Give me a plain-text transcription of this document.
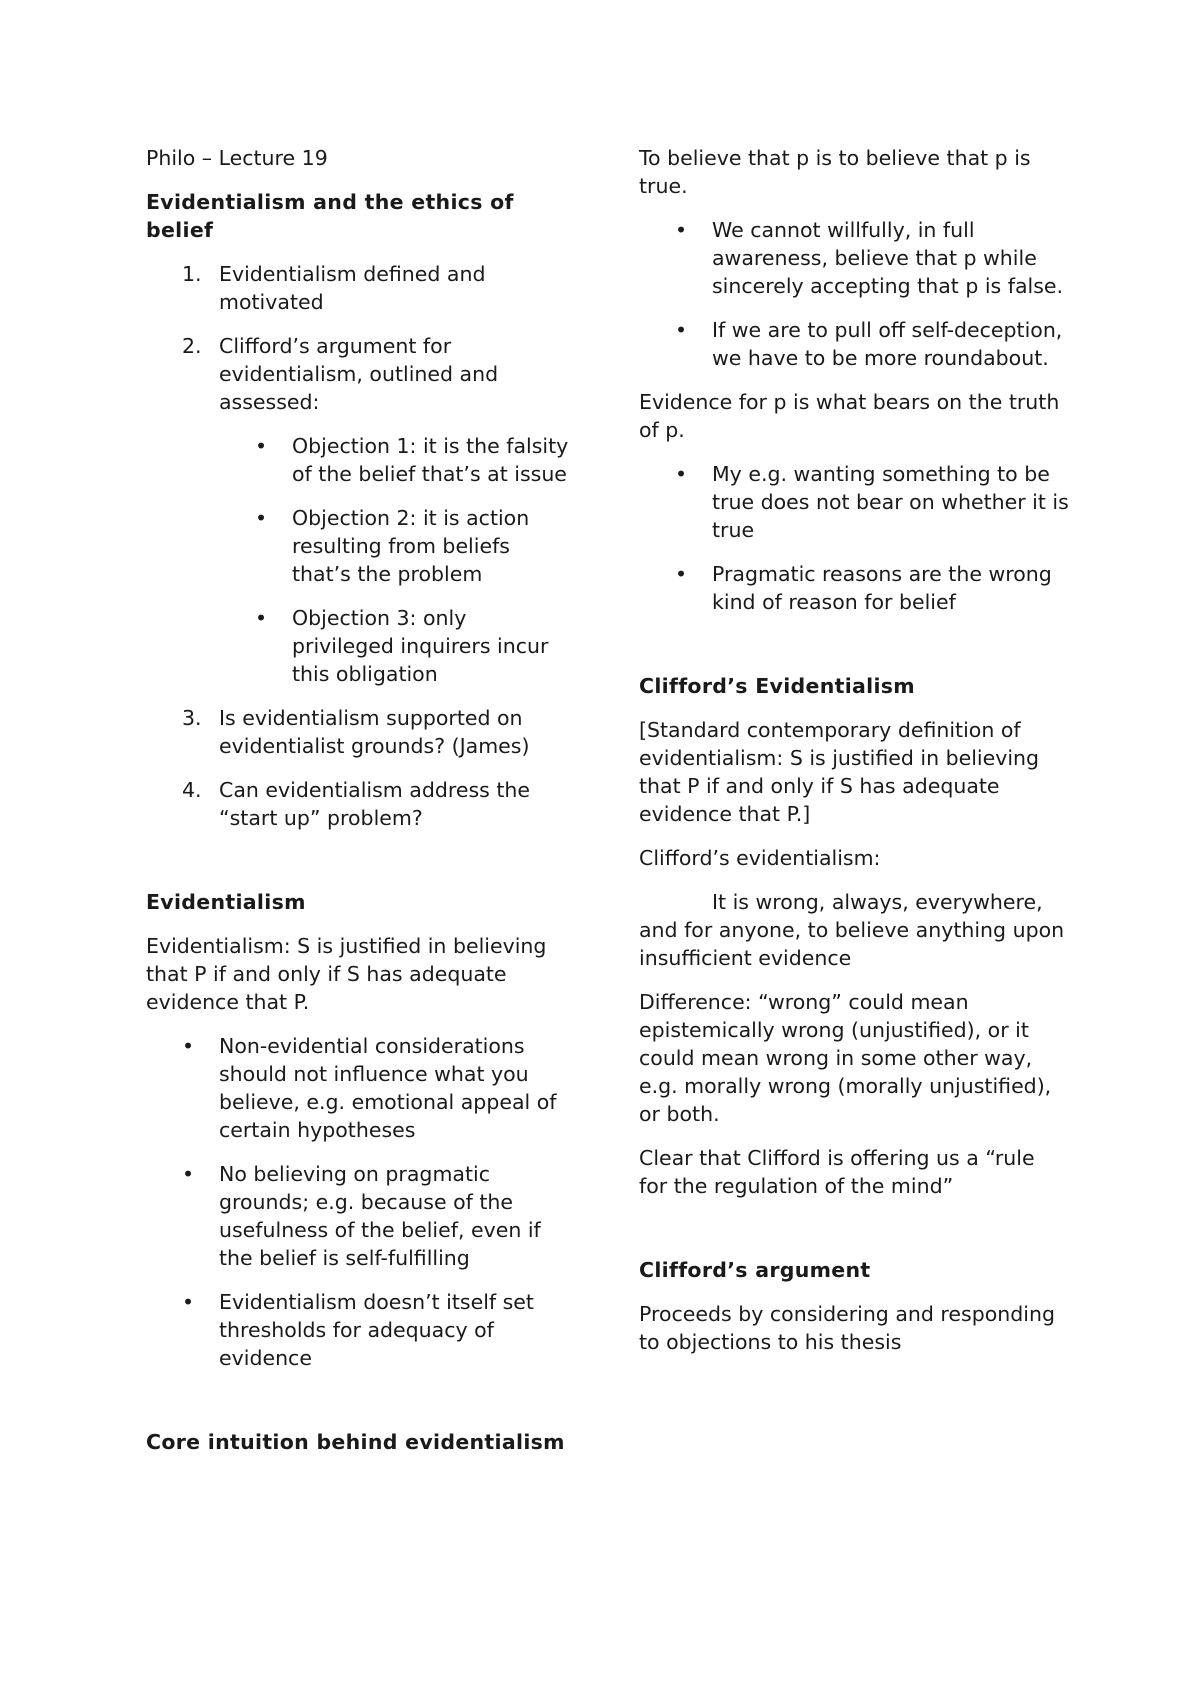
Philo – Lecture 19

Evidentialism and the ethics of belief

1. Evidentialism defined and motivated
2. Clifford’s argument for evidentialism, outlined and assessed:
• Objection 1: it is the falsity of the belief that’s at issue
• Objection 2: it is action resulting from beliefs that’s the problem
• Objection 3: only privileged inquirers incur this obligation
3. Is evidentialism supported on evidentialist grounds? (James)
4. Can evidentialism address the “start up” problem?

Evidentialism

Evidentialism: S is justified in believing that P if and only if S has adequate evidence that P.

• Non-evidential considerations should not influence what you believe, e.g. emotional appeal of certain hypotheses
• No believing on pragmatic grounds; e.g. because of the usefulness of the belief, even if the belief is self-fulfilling
• Evidentialism doesn’t itself set thresholds for adequacy of evidence

Core intuition behind evidentialism

To believe that p is to believe that p is true.

• We cannot willfully, in full awareness, believe that p while sincerely accepting that p is false.
• If we are to pull off self-deception, we have to be more roundabout.

Evidence for p is what bears on the truth of p.

• My e.g. wanting something to be true does not bear on whether it is true
• Pragmatic reasons are the wrong kind of reason for belief

Clifford’s Evidentialism

[Standard contemporary definition of evidentialism: S is justified in believing that P if and only if S has adequate evidence that P.]

Clifford’s evidentialism:

It is wrong, always, everywhere, and for anyone, to believe anything upon insufficient evidence

Difference: “wrong” could mean epistemically wrong (unjustified), or it could mean wrong in some other way, e.g. morally wrong (morally unjustified), or both.

Clear that Clifford is offering us a “rule for the regulation of the mind”

Clifford’s argument

Proceeds by considering and responding to objections to his thesis
